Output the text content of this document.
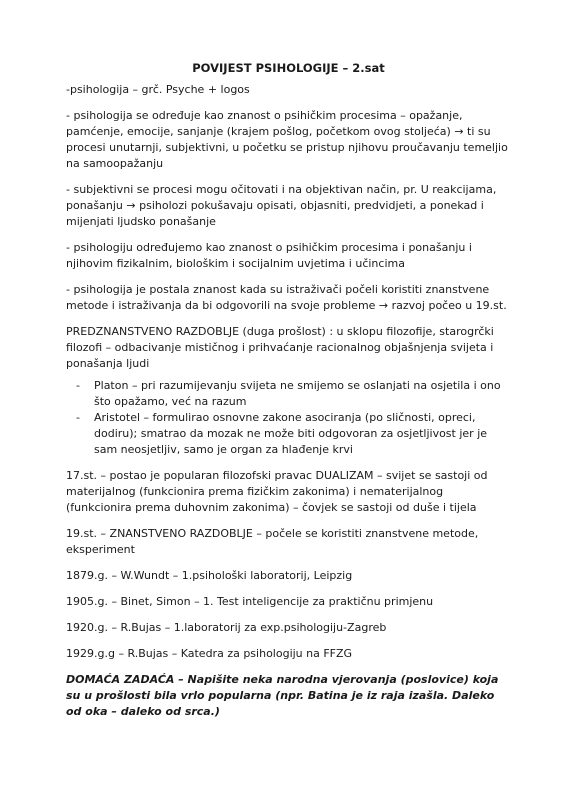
POVIJEST PSIHOLOGIJE – 2.sat

-psihologija – grč. Psyche + logos

- psihologija se određuje kao znanost o psihičkim procesima – opažanje, pamćenje, emocije, sanjanje (krajem pošlog, početkom ovog stoljeća) → ti su procesi unutarnji, subjektivni, u početku se pristup njihovu proučavanju temeljio na samoopažanju

- subjektivni se procesi mogu očitovati i na objektivan način, pr. U reakcijama, ponašanju → psiholozi pokušavaju opisati, objasniti, predvidjeti, a ponekad i mijenjati ljudsko ponašanje

- psihologiju određujemo kao znanost o psihičkim procesima i ponašanju i njihovim fizikalnim, biološkim i socijalnim uvjetima i učincima

- psihologija je postala znanost kada su istraživači počeli koristiti znanstvene metode i istraživanja da bi odgovorili na svoje probleme → razvoj počeo u 19.st.

PREDZNANSTVENO RAZDOBLJE (duga prošlost) : u sklopu filozofije, starogrčki filozofi – odbacivanje mističnog i prihvaćanje racionalnog objašnjenja svijeta i ponašanja ljudi

- Platon – pri razumijevanju svijeta ne smijemo se oslanjati na osjetila i ono što opažamo, već na razum
- Aristotel – formulirao osnovne zakone asociranja (po sličnosti, opreci, dodiru); smatrao da mozak ne može biti odgovoran za osjetljivost jer je sam neosjetljiv, samo je organ za hlađenje krvi

17.st. – postao je popularan filozofski pravac DUALIZAM – svijet se sastoji od materijalnog (funkcionira prema fizičkim zakonima) i nematerijalnog (funkcionira prema duhovnim zakonima) – čovjek se sastoji od duše i tijela

19.st. – ZNANSTVENO RAZDOBLJE – počele se koristiti znanstvene metode, eksperiment

1879.g. – W.Wundt – 1.psihološki laboratorij, Leipzig

1905.g. – Binet, Simon – 1. Test inteligencije za praktičnu primjenu

1920.g. – R.Bujas – 1.laboratorij za exp.psihologiju-Zagreb

1929.g.g – R.Bujas – Katedra za psihologiju na FFZG

DOMAĆA ZADAĆA – Napišite neka narodna vjerovanja (poslovice) koja su u prošlosti bila vrlo popularna (npr. Batina je iz raja izašla. Daleko od oka – daleko od srca.)
